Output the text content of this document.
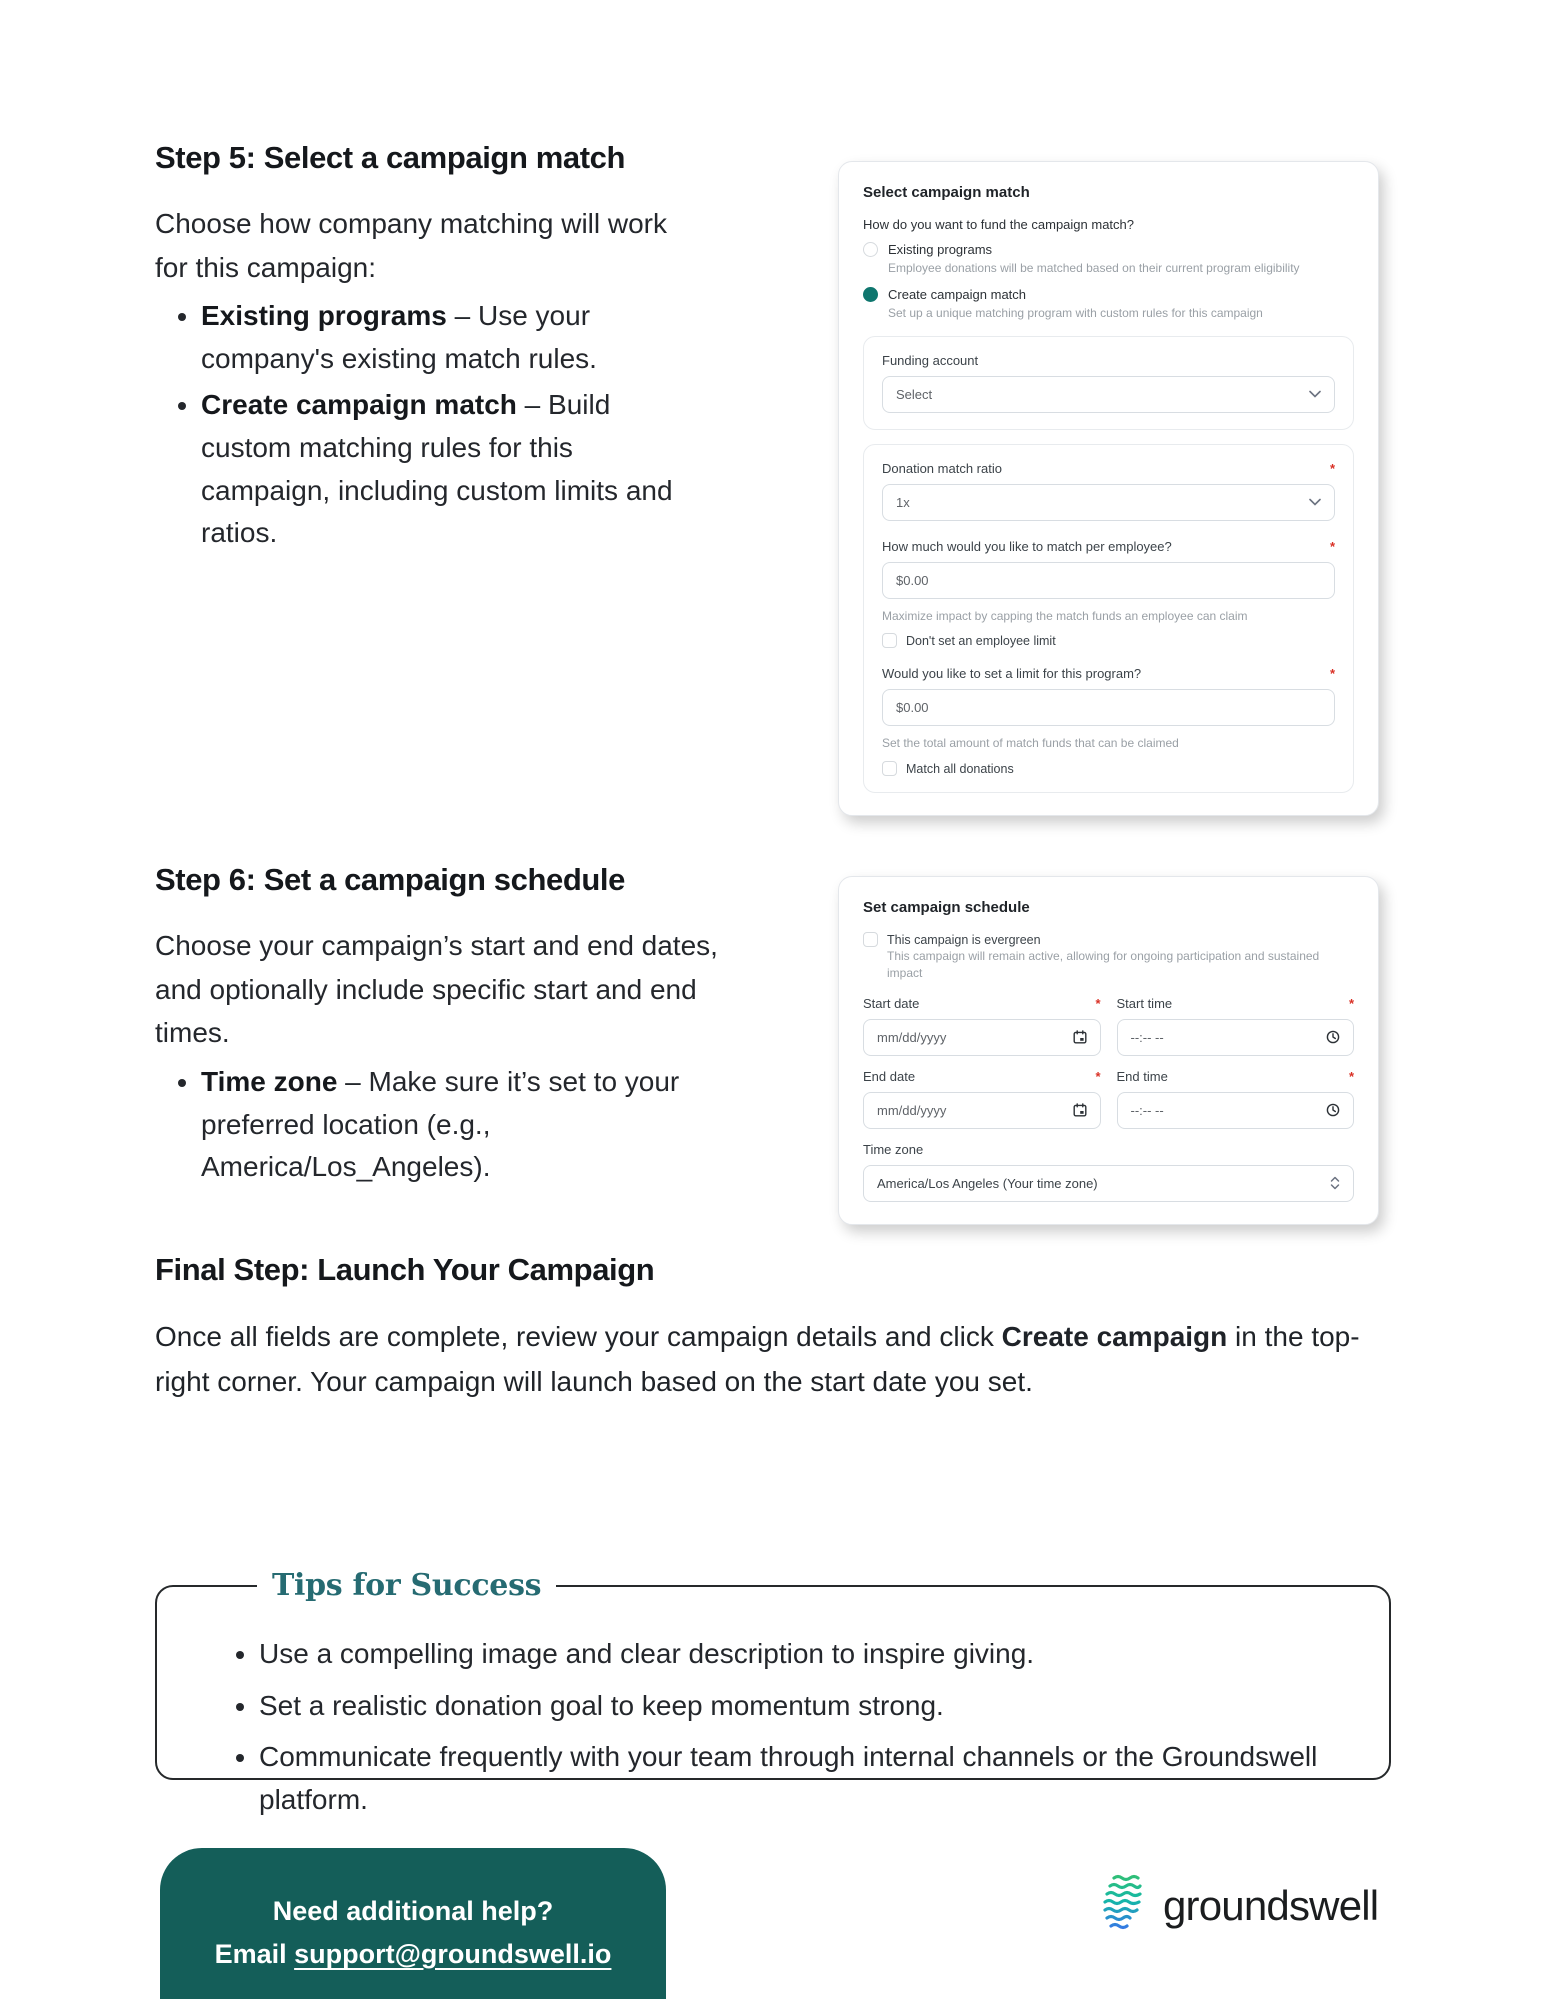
Step 5: Select a campaign match
Choose how company matching will work for this campaign:
• Existing programs – Use your company's existing match rules.
• Create campaign match – Build custom matching rules for this campaign, including custom limits and ratios.
Select campaign match
How do you want to fund the campaign match?
Existing programs
Employee donations will be matched based on their current program eligibility
Create campaign match
Set up a unique matching program with custom rules for this campaign
Funding account
Select
Donation match ratio	*
1x
How much would you like to match per employee?	*
$0.00
Maximize impact by capping the match funds an employee can claim
Don't set an employee limit
Would you like to set a limit for this program?	*
$0.00
Set the total amount of match funds that can be claimed
Match all donations
Step 6: Set a campaign schedule
Choose your campaign’s start and end dates, and optionally include specific start and end times.
• Time zone – Make sure it’s set to your preferred location (e.g., America/Los_Angeles).
Set campaign schedule
This campaign is evergreen
This campaign will remain active, allowing for ongoing participation and sustained impact
Start date	*
mm/dd/yyyy
Start time	*
--:-- --
End date	*
mm/dd/yyyy
End time	*
--:-- --
Time zone
America/Los Angeles (Your time zone)
Final Step: Launch Your Campaign

Once all fields are complete, review your campaign details and click Create campaign in the top-right corner. Your campaign will launch based on the start date you set.

Tips for Success
• Use a compelling image and clear description to inspire giving.
• Set a realistic donation goal to keep momentum strong.
• Communicate frequently with your team through internal channels or the Groundswell platform.
Need additional help?
Email support@groundswell.io
groundswell
